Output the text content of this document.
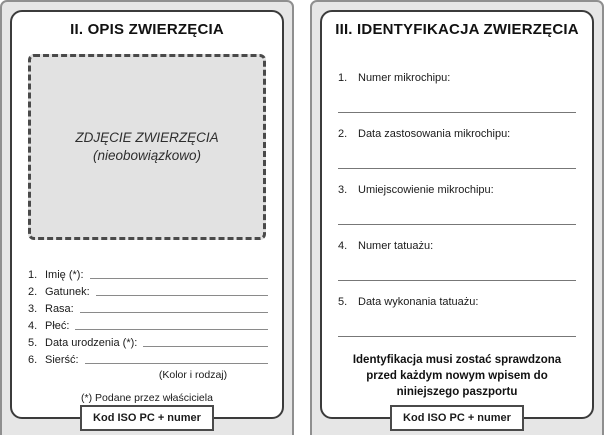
II. OPIS ZWIERZĘCIA
ZDJĘCIE ZWIERZĘCIA
(nieobowiązkowo)
1. Imię (*):
2. Gatunek:
3. Rasa:
4. Płeć:
5. Data urodzenia (*):
6. Sierść:
(Kolor i rodzaj)
(*) Podane przez właściciela
Kod ISO PC + numer
III. IDENTYFIKACJA ZWIERZĘCIA
1. Numer mikrochipu:
2. Data zastosowania mikrochipu:
3. Umiejscowienie mikrochipu:
4. Numer tatuażu:
5. Data wykonania tatuażu:
Identyfikacja musi zostać sprawdzona przed każdym nowym wpisem do niniejszego paszportu
Kod ISO PC + numer
